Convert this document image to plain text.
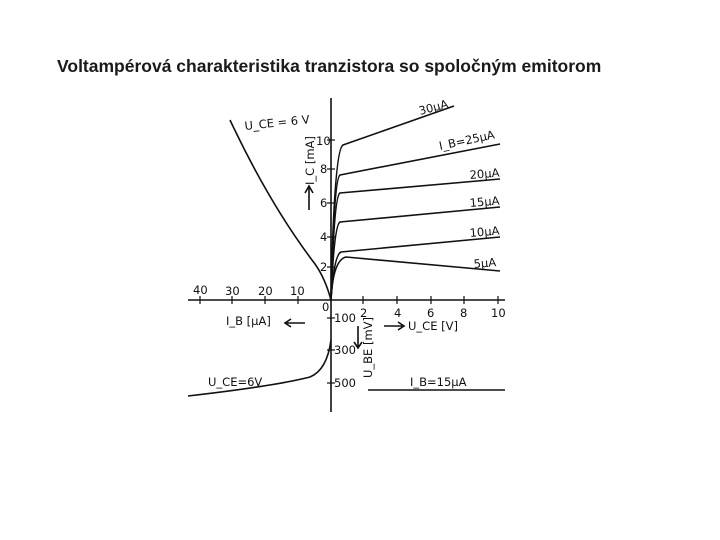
Voltampérová charakteristika tranzistora so spoločným emitorom
2 4 6 8 10
2
4
6
8
10
0
5μA
10μA
15μA
20μA
I_B=25μA
30μA
I_C [mA]
U_CE [V]
U_CE = 6 V
40 30 20 10
I_B [μA]	100
300
500
U_BE [mV]
U_CE=6V	I_B=15μA
